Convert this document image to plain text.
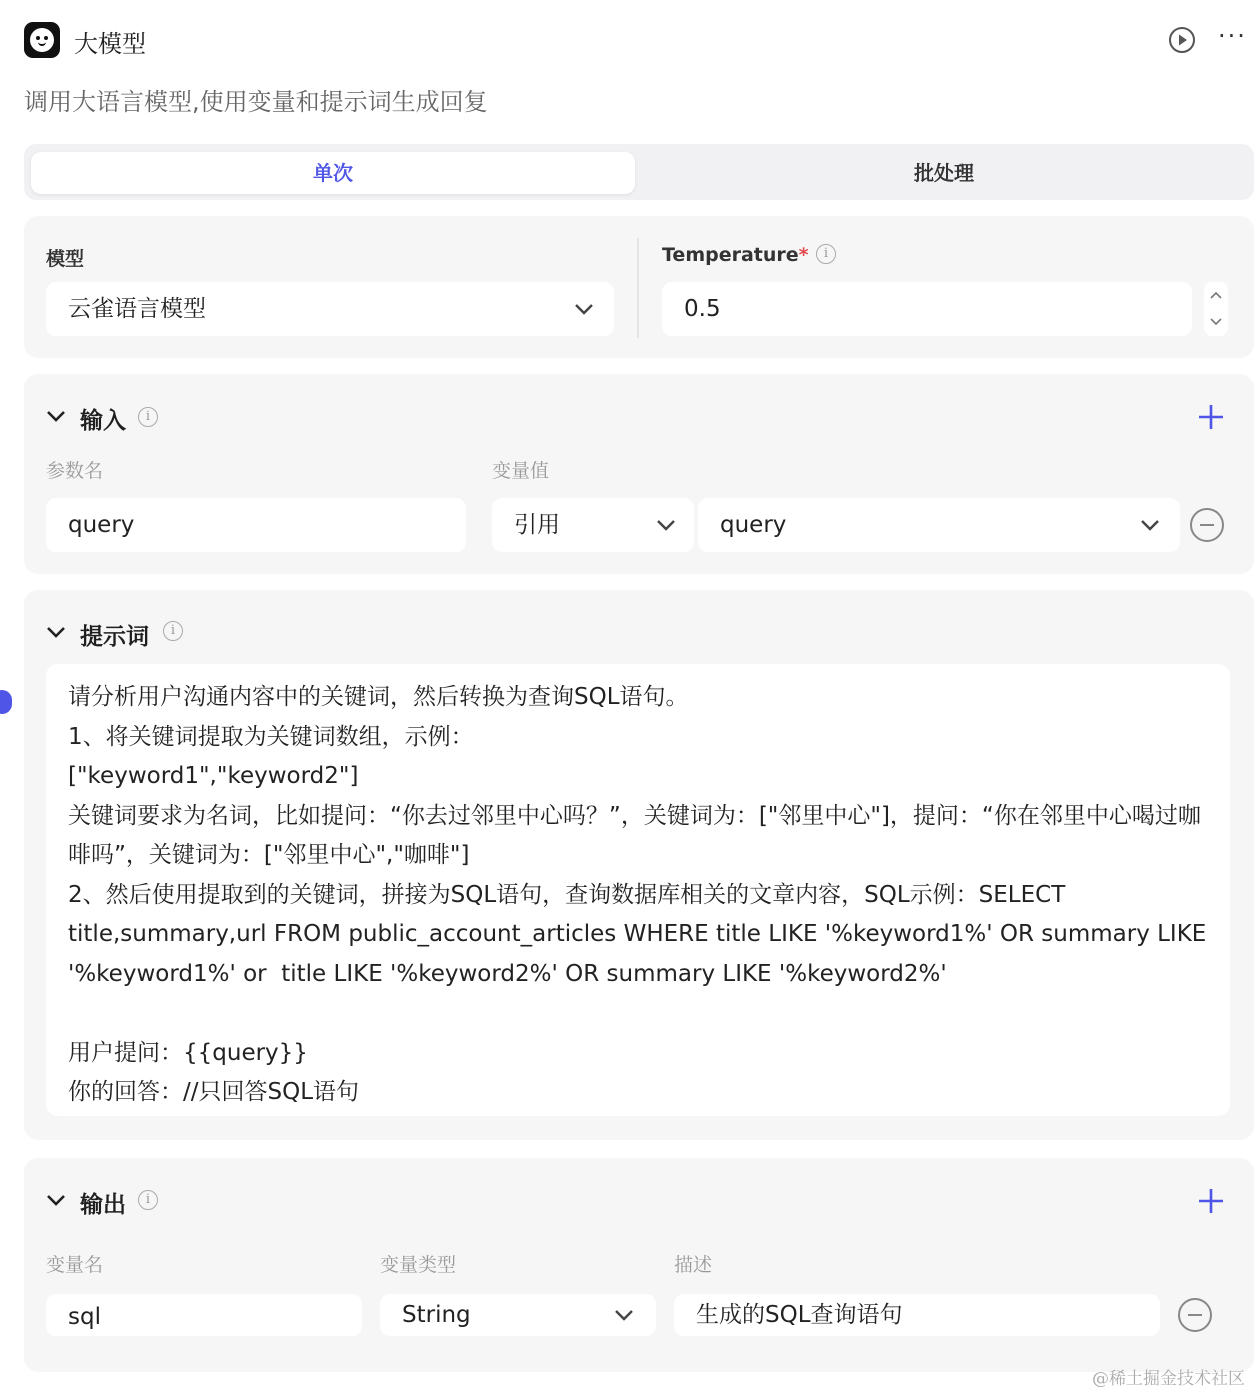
大模型	···
调用大语言模型,使用变量和提示词生成回复
单次	批处理
模型
云雀语言模型
Temperature*	i
0.5
输入	i
参数名	变量值
query	引用	query
提示词	i
请分析用户沟通内容中的关键词，然后转换为查询SQL语句。
1、将关键词提取为关键词数组，示例：
["keyword1","keyword2"]
关键词要求为名词，比如提问：“你去过邻里中心吗？”，关键词为：["邻里中心"]，提问：“你在邻里中心喝过咖啡吗”，关键词为：["邻里中心","咖啡"]
2、然后使用提取到的关键词，拼接为SQL语句，查询数据库相关的文章内容，SQL示例：SELECT title,summary,url FROM public_account_articles WHERE title LIKE '%keyword1%' OR summary LIKE '%keyword1%' or  title LIKE '%keyword2%' OR summary LIKE '%keyword2%'

用户提问：{{query}}
你的回答：//只回答SQL语句
输出	i
变量名	变量类型	描述
sql	String	生成的SQL查询语句
@稀土掘金技术社区
